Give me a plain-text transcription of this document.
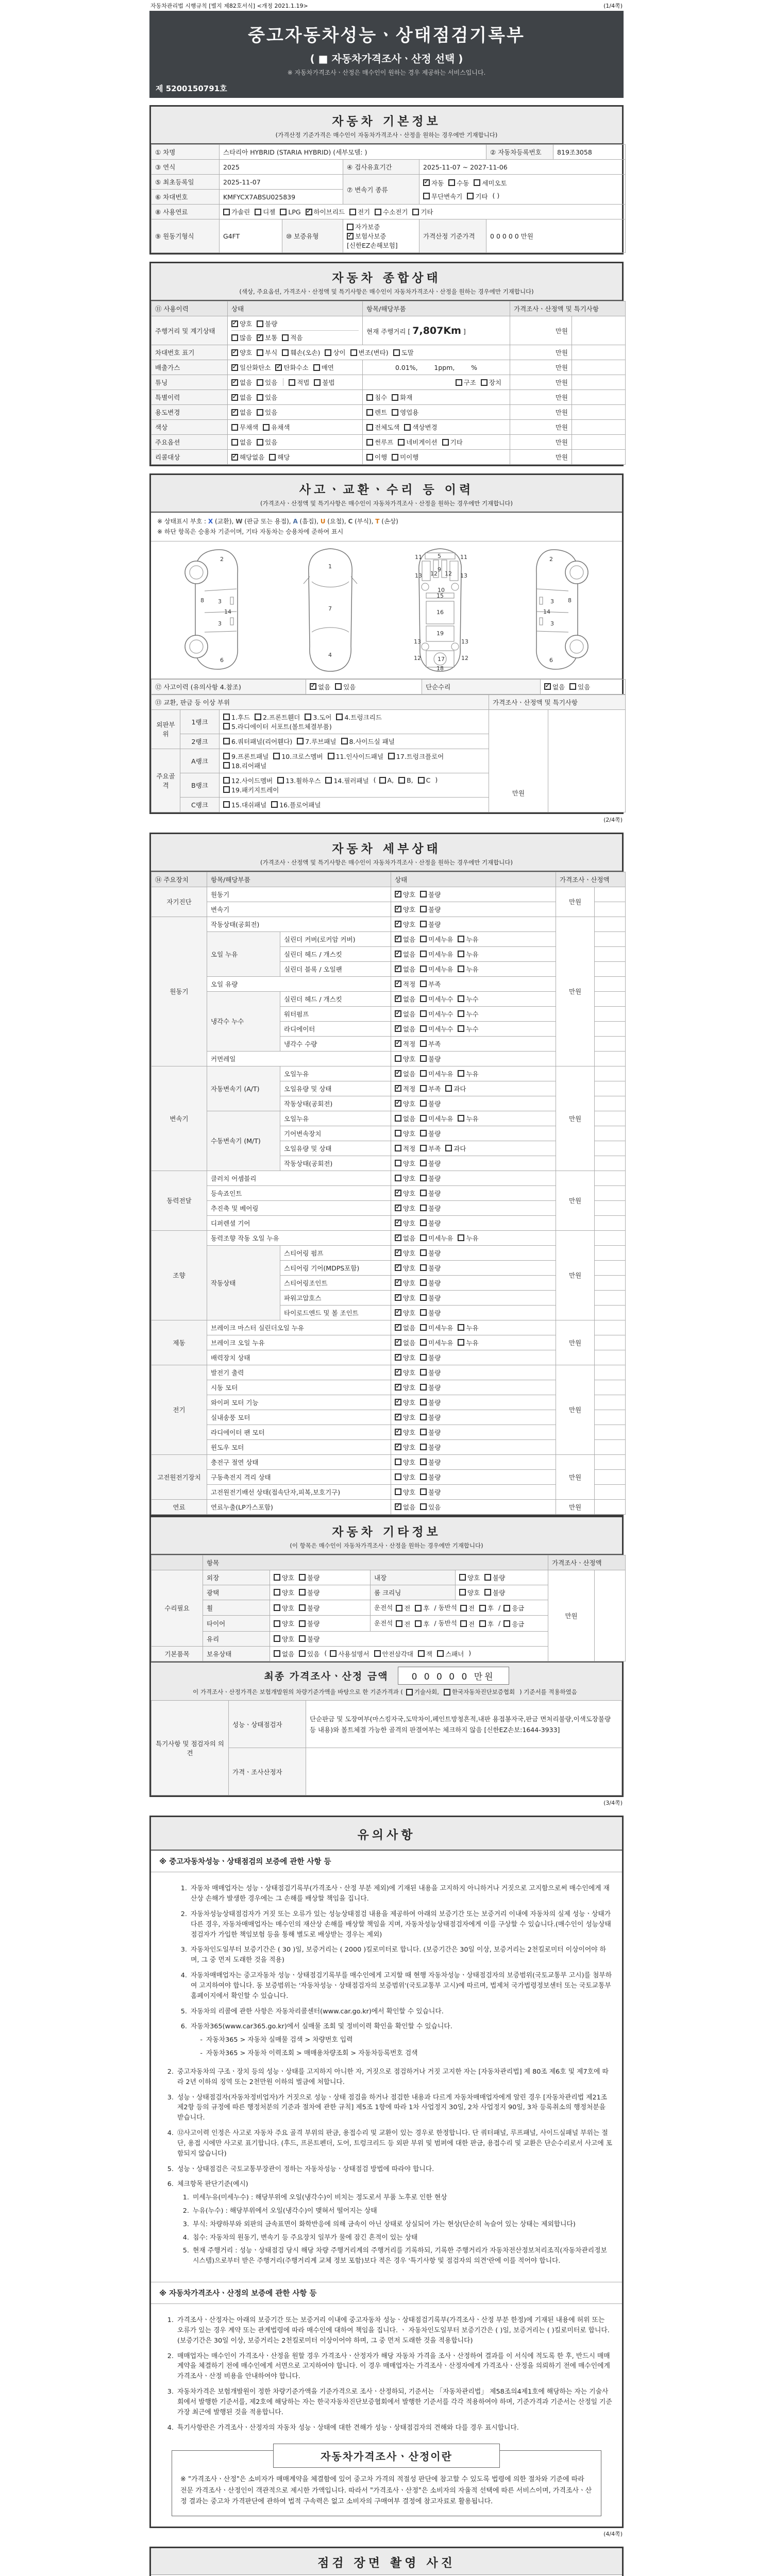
자동차관리법 시행규칙 [별지 제82호서식] <개정 2021.1.19>	(1/4쪽)
중고자동차성능ㆍ상태점검기록부
( ■ 자동차가격조사ㆍ산정 선택 )
※ 자동차가격조사ㆍ산정은 매수인이 원하는 경우 제공하는 서비스입니다.
제 5200150791호
자동차 기본정보
(가격산정 기준가격은 매수인이 자동차가격조사ㆍ산정을 원하는 경우에만 기재합니다)
① 차명	스타리아 HYBRID (STARIA HYBRID) (세부모델: )				② 자동차등록번호	819조3058
③ 연식	2025		④ 검사유효기간	2025-11-07 ~ 2027-11-06		
⑤ 최초등록일	2025-11-07	⑦ 변속기 종류	
✓
자동 수동 세미오토
무단변속기 기타 ( )

⑥ 차대번호	KMFYCX7ABSU025839					
⑧ 사용연료	가솔린 디젤 LPG ✓ 하이브리드 전기 수소전기 기타

⑨ 원동기형식	G4FT	⑩ 보증유형	자가보증
✓
보험사보증
[신한EZ손해보험]	가격산정 기준가격	0 0 0 0 0 만원	
자동차 종합상태
(색상, 주요옵션, 가격조사ㆍ산정액 및 특기사항은 매수인이 자동차가격조사ㆍ산정을 원하는 경우에만 기재합니다)
⑪ 사용이력	상태	항목/해당부품	가격조사ㆍ산정액 및 특기사항	
주행거리 및 계기상태	
✓
양호 불량
많음 ✓ 보통 적음	현재 주행거리 [ 7,807Km ]	만원	
차대번호 표기	
✓양호 부식 훼손(오손) 상이 변조(변타) 도말	만원	
배출가스	
✓일산화탄소 ✓ 탄화수소 매연	0.01%,        1ppm,        %	만원	
튜닝	
✓없음 있음 적법 불법	구조 장치	만원	
특별이력	
✓없음 있음	침수 화재	만원	
용도변경	
✓없음 있음	렌트 영업용	만원	
색상	무채색 유채색	전체도색 색상변경	만원	
주요옵션	없음 있음	썬루프 네비게이션 기타	만원	
리콜대상	
✓해당없음 해당	이행 미이행	만원	
사고ㆍ교환ㆍ수리 등 이력
(가격조사ㆍ산정액 및 특기사항은 매수인이 자동차가격조사ㆍ산정을 원하는 경우에만 기재합니다)
※ 상태표시 부호 : X (교환), W (판금 또는 용접), A (흠집), U (요철), C (부식), T (손상)
※ 하단 항목은 승용차 기준이며, 기타 자동차는 승용차에 준하여 표시
2
8 3
14
3
6
1
7
4
11	11
5
9
13	13
12 12
10
15
16
19
13	13
12	12
17
18
2
8
3
14
3
6
⑫ 사고이력 (유의사항 4.참조)	
✓없음 있음	단순수리	
✓없음 있음
⑬ 교환, 판금 등 이상 부위			가격조사ㆍ산정액 및 특기사항	
외판부위	1랭크	1.후드 2.프론트휀더 3.도어 4.트렁크리드
5.라디에이터 서포트(볼트체결부품)	만원	
	2랭크	6.쿼터패널(리어휀다) 7.루브패널 8.사이드실 패널		

주요골격	A랭크	9.프론트패널 10.크로스멤버 11.인사이드패널 17.트렁크플로어
18.리어패널		

B랭크	
12.사이드멤버 13.휠하우스 14.필러패널 ( A, B, C )
19.패키지트레이

	C랭크	15.대쉬패널 16.플로어패널		
(2/4쪽)
자동차 세부상태
(가격조사ㆍ산정액 및 특기사항은 매수인이 자동차가격조사ㆍ산정을 원하는 경우에만 기재합니다)
⑭ 주요장치	항목/해당부품		상태	가격조사ㆍ산정액	
자기진단	원동기	
✓양호 불량	만원	
	변속기	
✓양호 불량

원동기	작동상태(공회전)	
✓양호 불량	만원	
	오일 누유	실린더 커버(로커암 커버)	
✓없음 미세누유 누유

		실린더 헤드 / 개스킷	
✓없음 미세누유 누유

		실린더 블록 / 오일팬	
✓없음 미세누유 누유

	오일 유량	
✓적정 부족

	냉각수 누수	실린더 헤드 / 개스킷	
✓없음 미세누수 누수

		워터펌프	
✓없음 미세누수 누수

		라디에이터	
✓없음 미세누수 누수

		냉각수 수량	
✓적정 부족

	커먼레일		양호 불량		

변속기	자동변속기 (A/T)	오일누유	
✓없음 미세누유 누유	만원	
		오일유량 및 상태	
✓적정 부족 과다

		작동상태(공회전)	
✓양호 불량

	수동변속기 (M/T)	오일누유	없음 미세누유 누유		

		기어변속장치	양호 불량		

		오일유량 및 상태	적정 부족 과다		

		작동상태(공회전)	양호 불량		

동력전달	클러치 어셈블리		양호 불량	만원	
	등속죠인트	
✓양호 불량

	추진축 및 베어링	
✓양호 불량

	디퍼렌셜 기어	
✓양호 불량

조향	동력조향 작동 오일 누유	
✓없음 미세누유 누유	만원	
	작동상태	스티어링 펌프	
✓양호 불량

		스티어링 기어(MDPS포함)	
✓양호 불량

		스티어링조인트	
✓양호 불량

		파워고압호스	
✓양호 불량

		타이로드엔드 및 볼 조인트	
✓양호 불량

제동	브레이크 마스터 실린더오일 누유	
✓없음 미세누유 누유	만원	
	브레이크 오일 누유	
✓없음 미세누유 누유

	배력장치 상태	
✓양호 불량

전기	발전기 출력	
✓양호 불량	만원	
	시동 모터	
✓양호 불량

	와이퍼 모터 기능	
✓양호 불량

	실내송풍 모터	
✓양호 불량

	라디에이터 팬 모터	
✓양호 불량

	윈도우 모터	
✓양호 불량

고전원전기장치	충전구 절연 상태		양호 불량	만원	
	구동축전지 격리 상태		양호 불량		

	고전원전기배선 상태(접속단자,피복,보호기구)		양호 불량		

연료	연료누출(LP가스포함)	
✓없음 있음	만원	
자동차 기타정보
(이 항목은 매수인이 자동차가격조사ㆍ산정을 원하는 경우에만 기재합니다)
	항목				가격조사ㆍ산정액	
수리필요	외장	양호 불량	내장	양호 불량	만원	
	광택	양호 불량	룸 크리닝	양호 불량		

휠	양호 불량	운전석 전 후 / 동반석 전 후 / 응급

타이어	양호 불량	운전석 전 후 / 동반석 전 후 / 응급

	유리	양호 불량				

기본품목	보유상태	없음 있음 ( 사용설명서 안전삼각대 잭 스패너 )
최종 가격조사ㆍ산정 금액	0 0 0 0 0 만원
이 가격조사ㆍ산정가격은 보험개발원의 차량기준가액을 바탕으로 한 기준가격과 ( 기술사회, 한국자동차진단보증협회 ) 기준서를 적용하였음
특기사항 및 점검자의 의견	성능ㆍ상태점검자	단순판금 및 도장여부(마스킹자국,도막차이,페인트방청흔적,내판 용접봉자국,판금 면처리불량,이색도장불량 등 내용)와 볼트체결 가능한 골격의 판결여부는 체크하지 않음 [신한EZ손보:1644-3933]
	가격ㆍ조사산정자	
(3/4쪽)
유의사항
※ 중고자동차성능ㆍ상태점검의 보증에 관한 사항 등
1. 자동차 매매업자는 성능ㆍ상태점검기록부(가격조사ㆍ산정 부분 제외)에 기재된 내용을 고지하지 아니하거나 거짓으로 고지함으로써 매수인에게 재산상 손해가 발생한 경우에는 그 손해를 배상할 책임을 집니다.
2. 자동차성능상태점검자가 거짓 또는 오류가 있는 성능상태점검 내용을 제공하여 아래의 보증기간 또는 보증거리 이내에 자동차의 실제 성능ㆍ상태가 다른 경우, 자동차매매업자는 매수인의 재산상 손해를 배상할 책임을 지며, 자동차성능상태점검자에게 이를 구상할 수 있습니다.(매수인이 성능상태점검자가 가입한 책임보험 등을 통해 별도로 배상받는 경우는 제외)
3. 자동차인도일부터 보증기간은 ( 30 )일, 보증거리는 ( 2000 )킬로미터로 합니다. (보증기간은 30일 이상, 보증거리는 2천킬로미터 이상이어야 하며, 그 중 먼저 도래한 것을 적용)
4. 자동차매매업자는 중고자동차 성능ㆍ상태점검기록부를 매수인에게 고지할 때 현행 자동차성능ㆍ상태점검자의 보증범위(국토교통부 고시)를 첨부하여 고지하여야 합니다. 동 보증범위는 '자동차성능ㆍ상태점검자의 보증범위'(국토교통부 고시)에 따르며, 법제처 국가법령정보센터 또는 국토교통부 홈페이지에서 확인할 수 있습니다.
5. 자동차의 리콜에 관한 사항은 자동차리콜센터(www.car.go.kr)에서 확인할 수 있습니다.
6. 자동차365(www.car365.go.kr)에서 실매물 조회 및 정비이력 확인을 확인할 수 있습니다.
- 자동차365 > 자동차 실매물 검색 > 차량번호 입력
- 자동차365 > 자동차 이력조회 > 매매용차량조회 > 자동차등록번호 검색
2. 중고자동차의 구조ㆍ장치 등의 성능ㆍ상태를 고지하지 아니한 자, 거짓으로 점검하거나 거짓 고지한 자는 [자동차관리법] 제 80조 제6호 및 제7호에 따라 2년 이하의 징역 또는 2천만원 이하의 벌금에 처합니다.
3. 성능ㆍ상태점검자(자동차정비업자)가 거짓으로 성능ㆍ상태 점검을 하거나 점검한 내용과 다르게 자동차매매업자에게 알린 경우 [자동차관리법 제21조 제2항 등의 규정에 따른 행정처분의 기준과 절차에 관한 규칙] 제5조 1항에 따라 1차 사업정지 30일, 2차 사업정지 90일, 3차 등록취소의 행정처분을 받습니다.
4. ⑫사고이력 인정은 사고로 자동차 주요 골격 부위의 판금, 용접수리 및 교환이 있는 경우로 한정합니다. 단 쿼터패널, 루프패널, 사이드실패널 부위는 절단, 용접 시에만 사고로 표기합니다. (후드, 프론트펜더, 도어, 트렁크리드 등 외판 부위 및 범퍼에 대한 판금, 용접수리 및 교환은 단순수리로서 사고에 포함되지 않습니다)
5. 성능ㆍ상태점검은 국토교통부장관이 정하는 자동차성능ㆍ상태점검 방법에 따라야 합니다.
6. 체크항목 판단기준(예시)
1. 미세누유(미세누수) : 해당부위에 오일(냉각수)이 비치는 정도로서 부품 노후로 인한 현상
2. 누유(누수) : 해당부위에서 오일(냉각수)이 맺혀서 떨어지는 상태
3. 부식: 차량하부와 외판의 금속표면이 화학반응에 의해 금속이 아닌 상태로 상실되어 가는 현상(단순히 녹슬어 있는 상태는 제외합니다)
4. 침수: 자동차의 원동기, 변속기 등 주요장치 일부가 물에 잠긴 흔적이 있는 상태
5. 현재 주행거리 : 성능ㆍ상태점검 당시 해당 차량 주행거리계의 주행거리를 기록하되, 기록한 주행거리가 자동차전산정보처리조직(자동차관리정보시스템)으로부터 받은 주행거리(주행거리계 교체 정보 포함)보다 적은 경우 '특기사항 및 점검자의 의견'란에 이를 적어야 합니다.
※ 자동차가격조사ㆍ산정의 보증에 관한 사항 등
1. 가격조사ㆍ산정자는 아래의 보증기간 또는 보증거리 이내에 중고자동차 성능ㆍ상태점검기록부(가격조사ㆍ산정 부분 한정)에 기재된 내용에 허위 또는 오류가 있는 경우 계약 또는 관계법령에 따라 매수인에 대하여 책임을 집니다. ㆍ 자동차인도일부터 보증기간은 ( )일, 보증거리는 ( )킬로미터로 합니다. (보증기간은 30일 이상, 보증거리는 2천킬로미터 이상이어야 하며, 그 중 먼저 도래한 것을 적용합니다)
2. 매매업자는 매수인이 가격조사ㆍ산정을 원할 경우 가격조사ㆍ산정자가 해당 자동차 가격을 조사ㆍ산정하여 결과를 이 서식에 적도록 한 후, 반드시 매매계약을 체결하기 전에 매수인에게 서면으로 고지하여야 합니다. 이 경우 매매업자는 가격조사ㆍ산정자에게 가격조사ㆍ산정을 의뢰하기 전에 매수인에게 가격조사ㆍ산정 비용을 안내하여야 합니다.
3. 자동차가격은 보험개발원이 정한 차량기준가액을 기준가격으로 조사ㆍ산정하되, 기준서는 「자동차관리법」 제58조의4제1호에 해당하는 자는 기술사회에서 발행한 기준서를, 제2호에 해당하는 자는 한국자동차진단보증협회에서 발행한 기준서를 각각 적용하여야 하며, 기준가격과 기준서는 산정일 기준 가장 최근에 발행된 것을 적용합니다.
4. 특기사항란은 가격조사ㆍ산정자의 자동차 성능ㆍ상태에 대한 견해가 성능ㆍ상태점검자의 견해와 다를 경우 표시합니다.
자동차가격조사ㆍ산정이란
※ "가격조사ㆍ산정"은 소비자가 매매계약을 체결함에 있어 중고차 가격의 적절성 판단에 참고할 수 있도록 법령에 의한 절차와 기준에 따라 전문 가격조사ㆍ산정인이 객관적으로 제시한 가액입니다. 따라서 "가격조사ㆍ산정"은 소비자의 자율적 선택에 따른 서비스이며, 가격조사ㆍ산정 결과는 중고차 가격판단에 관하여 법적 구속력은 없고 소비자의 구매여부 결정에 참고자료로 활용됩니다.
(4/4쪽)
점검 장면 촬영 사진
